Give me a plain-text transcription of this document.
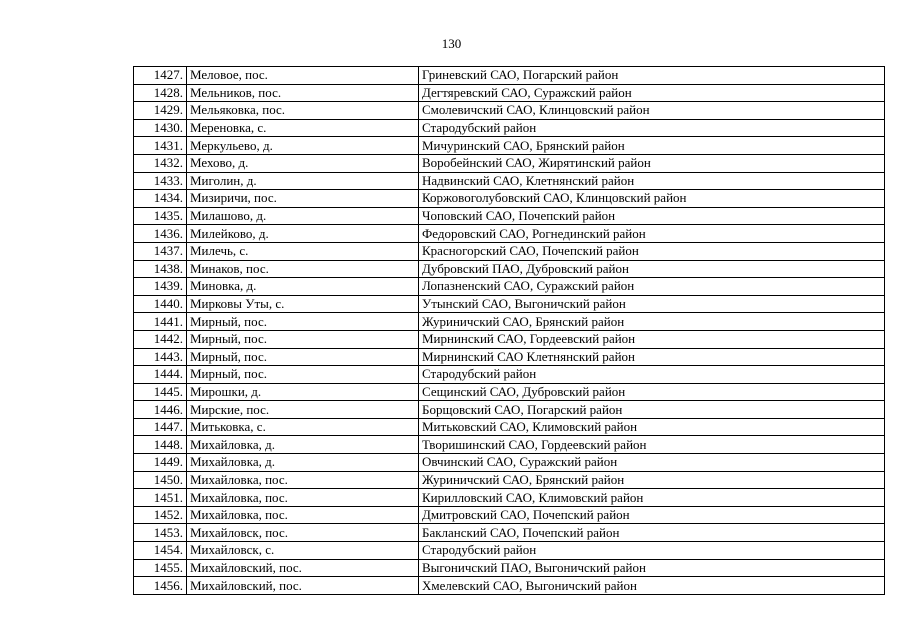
130
1427.	Меловое, пос.	Гриневский САО, Погарский район
1428.	Мельников, пос.	Дегтяревский САО, Суражский район
1429.	Мельяковка, пос.	Смолевичский САО, Клинцовский район
1430.	Мереновка, с.	Стародубский район
1431.	Меркульево, д.	Мичуринский САО, Брянский район
1432.	Мехово, д.	Воробейнский САО, Жирятинский район
1433.	Миголин, д.	Надвинский САО, Клетнянский район
1434.	Мизиричи, пос.	Коржовоголубовский САО, Клинцовский район
1435.	Милашово, д.	Чоповский САО, Почепский район
1436.	Милейково, д.	Федоровский САО, Рогнединский район
1437.	Милечь, с.	Красногорский САО, Почепский район
1438.	Минаков, пос.	Дубровский ПАО, Дубровский район
1439.	Миновка, д.	Лопазненский САО, Суражский район
1440.	Мирковы Уты, с.	Утынский САО, Выгоничский район
1441.	Мирный, пос.	Журиничский САО, Брянский район
1442.	Мирный, пос.	Мирнинский САО, Гордеевский район
1443.	Мирный, пос.	Мирнинский САО Клетнянский район
1444.	Мирный, пос.	Стародубский район
1445.	Мирошки, д.	Сещинский САО, Дубровский район
1446.	Мирские, пос.	Борщовский САО, Погарский район
1447.	Митьковка, с.	Митьковский САО, Климовский район
1448.	Михайловка, д.	Творишинский САО, Гордеевский район
1449.	Михайловка, д.	Овчинский САО, Суражский район
1450.	Михайловка, пос.	Журиничский САО, Брянский район
1451.	Михайловка, пос.	Кирилловский САО, Климовский район
1452.	Михайловка, пос.	Дмитровский САО, Почепский район
1453.	Михайловск, пос.	Бакланский САО, Почепский район
1454.	Михайловск, с.	Стародубский район
1455.	Михайловский, пос.	Выгоничский ПАО, Выгоничский район
1456.	Михайловский, пос.	Хмелевский САО, Выгоничский район
